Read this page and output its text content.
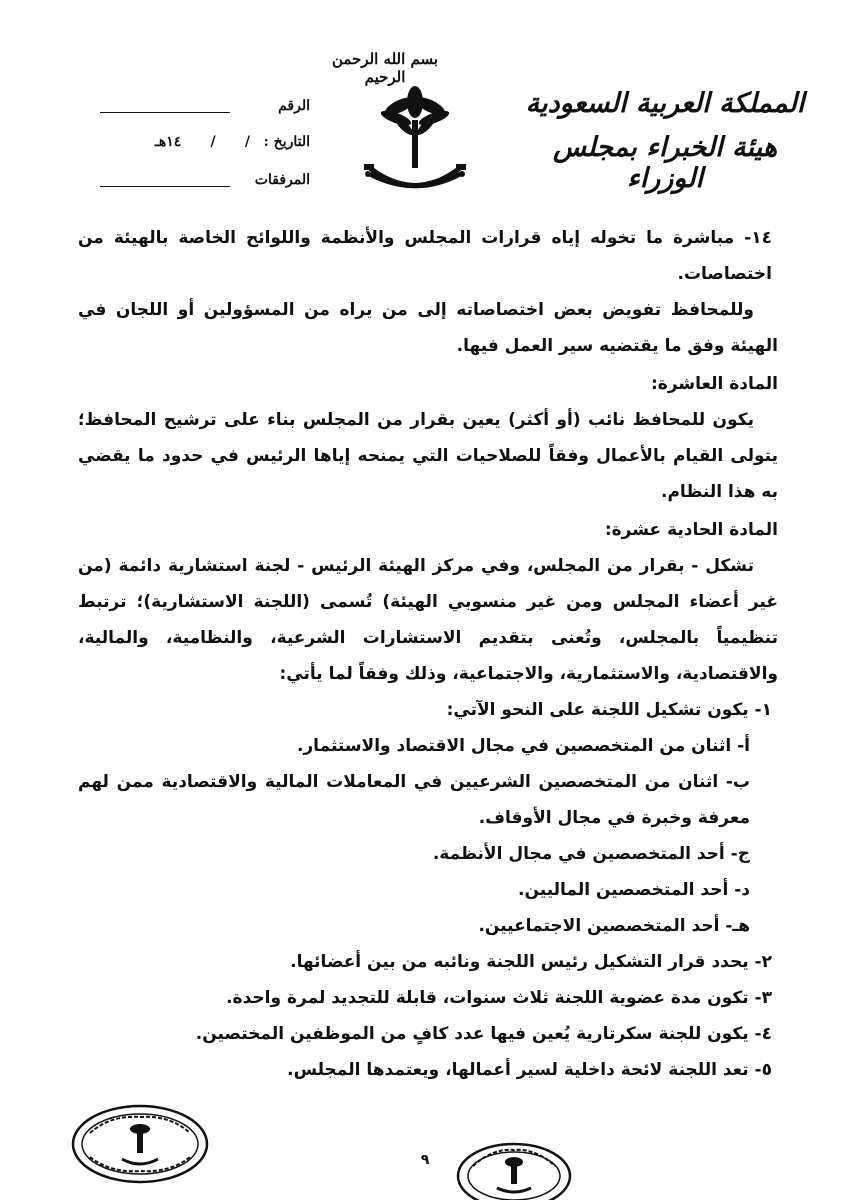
بسم الله الرحمن الرحيم
المملكة العربية السعودية
هيئة الخبراء بمجلس الوزراء
الرقم
التاريخ :
/      /      ١٤هـ
المرفقات

١٤- مباشرة ما تخوله إياه قرارات المجلس والأنظمة واللوائح الخاصة بالهيئة من اختصاصات.

وللمحافظ تفويض بعض اختصاصاته إلى من يراه من المسؤولين أو اللجان في الهيئة وفق ما يقتضيه سير العمل فيها.

المادة العاشرة:

يكون للمحافظ نائب (أو أكثر) يعين بقرار من المجلس بناء على ترشيح المحافظ؛ يتولى القيام بالأعمال وفقاً للصلاحيات التي يمنحه إياها الرئيس في حدود ما يقضي به هذا النظام.

المادة الحادية عشرة:

تشكل - بقرار من المجلس، وفي مركز الهيئة الرئيس - لجنة استشارية دائمة (من غير أعضاء المجلس ومن غير منسوبي الهيئة) تُسمى (اللجنة الاستشارية)؛ ترتبط تنظيمياً بالمجلس، وتُعنى بتقديم الاستشارات الشرعية، والنظامية، والمالية، والاقتصادية، والاستثمارية، والاجتماعية، وذلك وفقاً لما يأتي:

١- يكون تشكيل اللجنة على النحو الآتي:

أ- اثنان من المتخصصين في مجال الاقتصاد والاستثمار.

ب- اثنان من المتخصصين الشرعيين في المعاملات المالية والاقتصادية ممن لهم معرفة وخبرة في مجال الأوقاف.

ج- أحد المتخصصين في مجال الأنظمة.

د- أحد المتخصصين الماليين.

هـ- أحد المتخصصين الاجتماعيين.

٢- يحدد قرار التشكيل رئيس اللجنة ونائبه من بين أعضائها.

٣- تكون مدة عضوية اللجنة ثلاث سنوات، قابلة للتجديد لمرة واحدة.

٤- يكون للجنة سكرتارية يُعين فيها عدد كافٍ من الموظفين المختصين.

٥- تعد اللجنة لائحة داخلية لسير أعمالها، ويعتمدها المجلس.

٩
